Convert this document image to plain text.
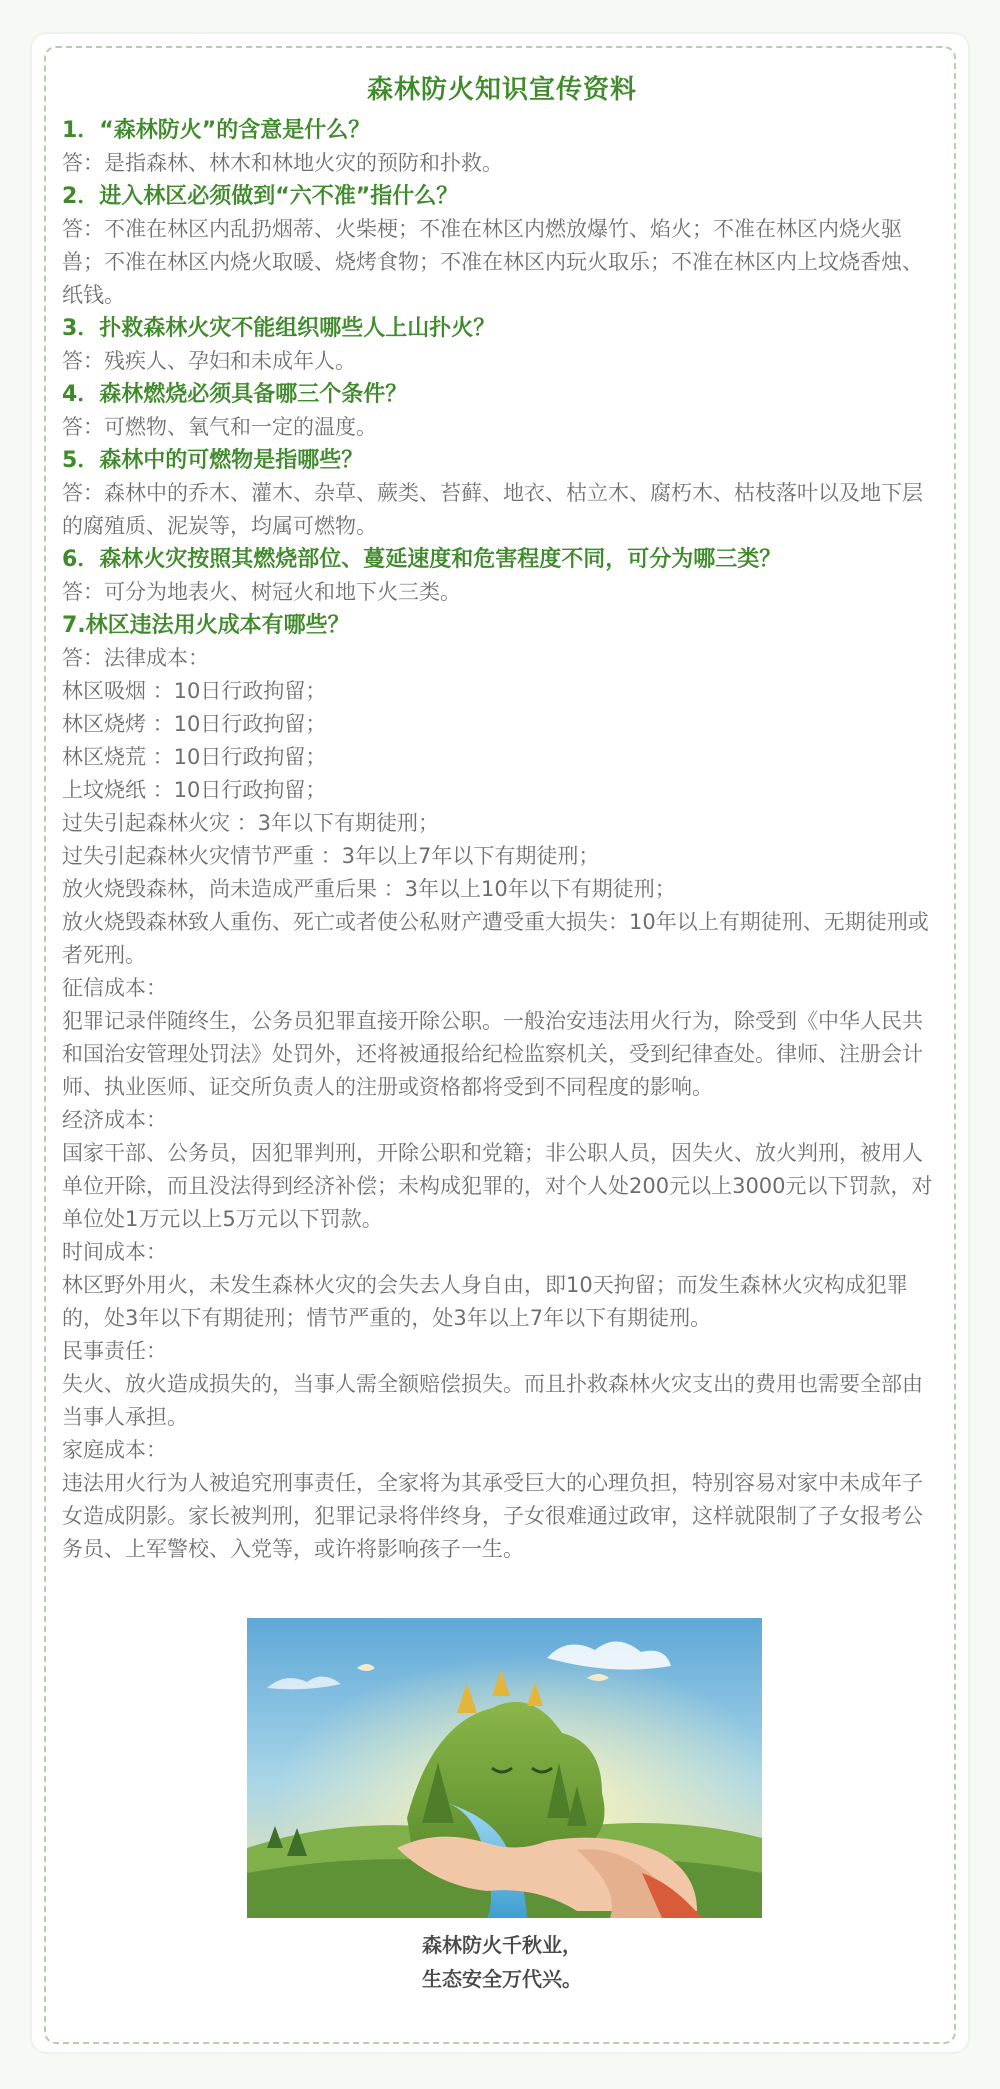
森林防火知识宣传资料

1．“森林防火”的含意是什么？

答：是指森林、林木和林地火灾的预防和扑救。

2．进入林区必须做到“六不准”指什么？

答：不准在林区内乱扔烟蒂、火柴梗；不准在林区内燃放爆竹、焰火；不准在林区内烧火驱兽；不准在林区内烧火取暖、烧烤食物；不准在林区内玩火取乐；不准在林区内上坟烧香烛、纸钱。

3．扑救森林火灾不能组织哪些人上山扑火？

答：残疾人、孕妇和未成年人。

4．森林燃烧必须具备哪三个条件？

答：可燃物、氧气和一定的温度。

5．森林中的可燃物是指哪些？

答：森林中的乔木、灌木、杂草、蕨类、苔藓、地衣、枯立木、腐朽木、枯枝落叶以及地下层的腐殖质、泥炭等，均属可燃物。

6．森林火灾按照其燃烧部位、蔓延速度和危害程度不同，可分为哪三类？

答：可分为地表火、树冠火和地下火三类。

7.林区违法用火成本有哪些？

答：法律成本：

林区吸烟 ：10日行政拘留；

林区烧烤 ：10日行政拘留；

林区烧荒 ：10日行政拘留；

上坟烧纸 ：10日行政拘留；

过失引起森林火灾 ：3年以下有期徒刑；

过失引起森林火灾情节严重 ：3年以上7年以下有期徒刑；

放火烧毁森林，尚未造成严重后果 ：3年以上10年以下有期徒刑；

放火烧毁森林致人重伤、死亡或者使公私财产遭受重大损失：10年以上有期徒刑、无期徒刑或者死刑。

征信成本：

犯罪记录伴随终生，公务员犯罪直接开除公职。一般治安违法用火行为，除受到《中华人民共和国治安管理处罚法》处罚外，还将被通报给纪检监察机关，受到纪律查处。律师、注册会计师、执业医师、证交所负责人的注册或资格都将受到不同程度的影响。

经济成本：

国家干部、公务员，因犯罪判刑，开除公职和党籍；非公职人员，因失火、放火判刑，被用人单位开除，而且没法得到经济补偿；未构成犯罪的，对个人处200元以上3000元以下罚款，对单位处1万元以上5万元以下罚款。

时间成本：

林区野外用火，未发生森林火灾的会失去人身自由，即10天拘留；而发生森林火灾构成犯罪的，处3年以下有期徒刑；情节严重的，处3年以上7年以下有期徒刑。

民事责任：

失火、放火造成损失的，当事人需全额赔偿损失。而且扑救森林火灾支出的费用也需要全部由当事人承担。

家庭成本：

违法用火行为人被追究刑事责任，全家将为其承受巨大的心理负担，特别容易对家中未成年子女造成阴影。家长被判刑，犯罪记录将伴终身，子女很难通过政审，这样就限制了子女报考公务员、上军警校、入党等，或许将影响孩子一生。

森林防火千秋业，
生态安全万代兴。
